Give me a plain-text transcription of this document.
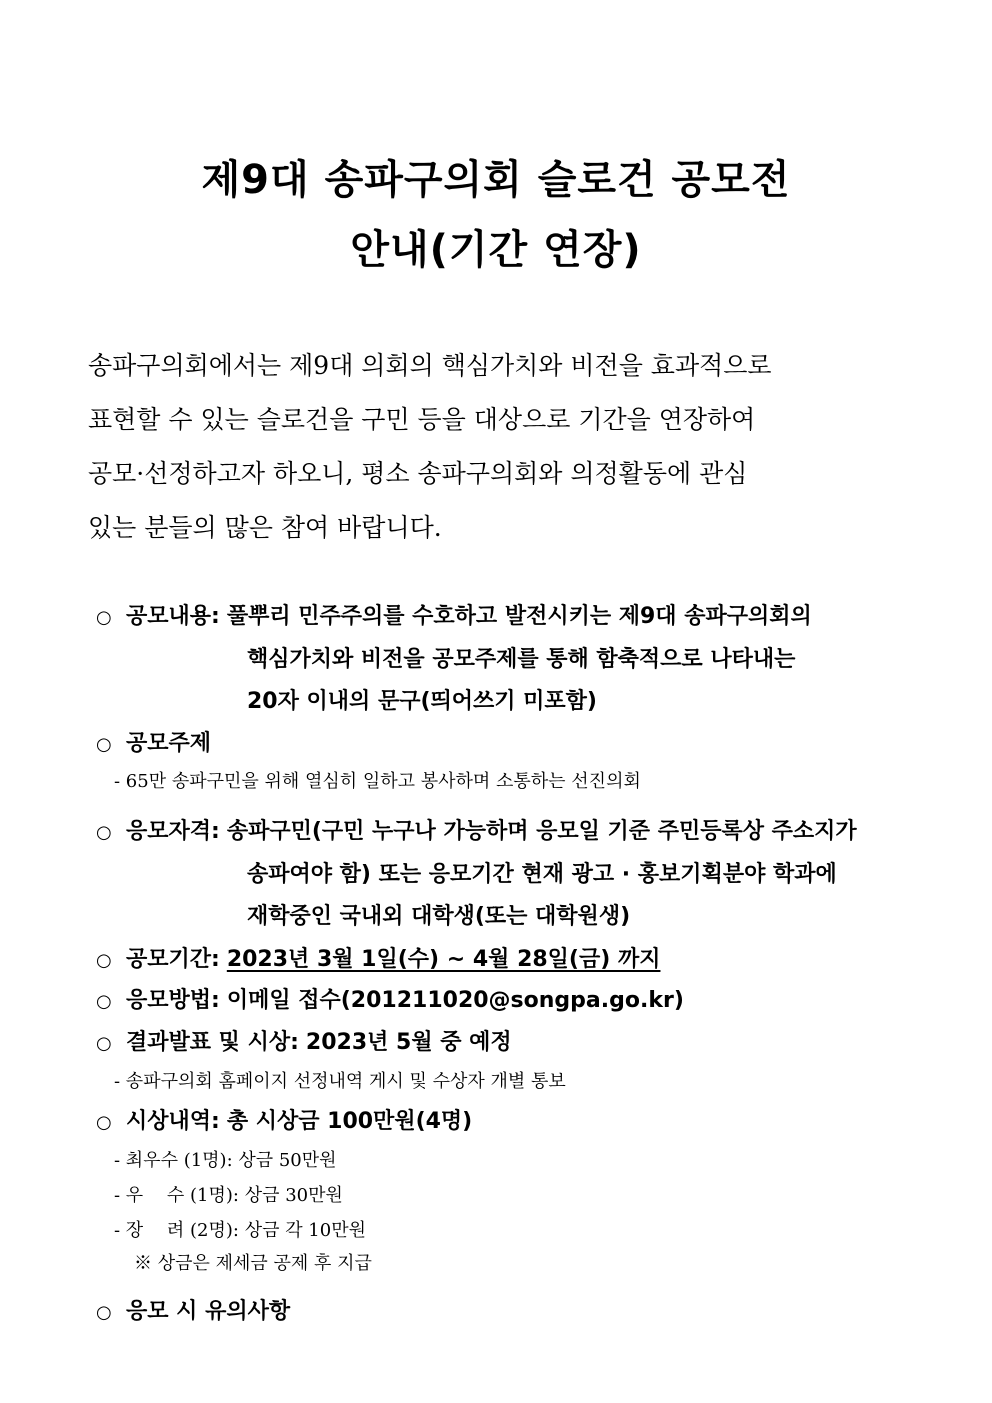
제9대 송파구의회 슬로건 공모전
안내(기간 연장)
송파구의회에서는 제9대 의회의 핵심가치와 비전을 효과적으로
표현할 수 있는 슬로건을 구민 등을 대상으로 기간을 연장하여
공모·선정하고자 하오니, 평소 송파구의회와 의정활동에 관심
있는 분들의 많은 참여 바랍니다.
○ 공모내용: 풀뿌리 민주주의를 수호하고 발전시키는 제9대 송파구의회의
핵심가치와 비전을 공모주제를 통해 함축적으로 나타내는
20자 이내의 문구(띄어쓰기 미포함)
○ 공모주제
- 65만 송파구민을 위해 열심히 일하고 봉사하며 소통하는 선진의회
○ 응모자격: 송파구민(구민 누구나 가능하며 응모일 기준 주민등록상 주소지가
송파여야 함) 또는 응모기간 현재 광고 · 홍보기획분야 학과에
재학중인 국내외 대학생(또는 대학원생)
○ 공모기간: 2023년 3월 1일(수) ~ 4월 28일(금) 까지
○ 응모방법: 이메일 접수(201211020@songpa.go.kr)
○ 결과발표 및 시상: 2023년 5월 중 예정
- 송파구의회 홈페이지 선정내역 게시 및 수상자 개별 통보
○ 시상내역: 총 시상금 100만원(4명)
- 최우수 (1명): 상금 50만원
- 우　 수 (1명): 상금 30만원
- 장　 려 (2명): 상금 각 10만원
※ 상금은 제세금 공제 후 지급
○ 응모 시 유의사항
